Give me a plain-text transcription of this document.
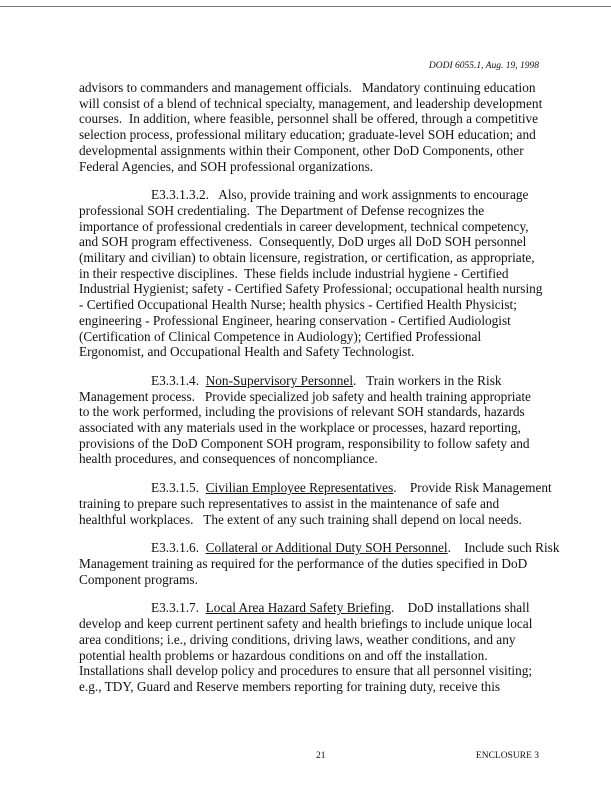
DODI 6055.1, Aug. 19, 1998
advisors to commanders and management officials.   Mandatory continuing education
will consist of a blend of technical specialty, management, and leadership development
courses.  In addition, where feasible, personnel shall be offered, through a competitive
selection process, professional military education; graduate-level SOH education; and
developmental assignments within their Component, other DoD Components, other
Federal Agencies, and SOH professional organizations.
E3.3.1.3.2. Also, provide training and work assignments to encourage
professional SOH credentialing.  The Department of Defense recognizes the
importance of professional credentials in career development, technical competency,
and SOH program effectiveness.  Consequently, DoD urges all DoD SOH personnel
(military and civilian) to obtain licensure, registration, or certification, as appropriate,
in their respective disciplines.  These fields include industrial hygiene - Certified
Industrial Hygienist; safety - Certified Safety Professional; occupational health nursing
- Certified Occupational Health Nurse; health physics - Certified Health Physicist;
engineering - Professional Engineer, hearing conservation - Certified Audiologist
(Certification of Clinical Competence in Audiology); Certified Professional
Ergonomist, and Occupational Health and Safety Technologist.
E3.3.1.4. Non-Supervisory Personnel.   Train workers in the Risk
Management process.   Provide specialized job safety and health training appropriate
to the work performed, including the provisions of relevant SOH standards, hazards
associated with any materials used in the workplace or processes, hazard reporting,
provisions of the DoD Component SOH program, responsibility to follow safety and
health procedures, and consequences of noncompliance.
E3.3.1.5. Civilian Employee Representatives.    Provide Risk Management
training to prepare such representatives to assist in the maintenance of safe and
healthful workplaces.   The extent of any such training shall depend on local needs.
E3.3.1.6. Collateral or Additional Duty SOH Personnel.    Include such Risk
Management training as required for the performance of the duties specified in DoD
Component programs.
E3.3.1.7. Local Area Hazard Safety Briefing.    DoD installations shall
develop and keep current pertinent safety and health briefings to include unique local
area conditions; i.e., driving conditions, driving laws, weather conditions, and any
potential health problems or hazardous conditions on and off the installation.
Installations shall develop policy and procedures to ensure that all personnel visiting;
e.g., TDY, Guard and Reserve members reporting for training duty, receive this
21	ENCLOSURE 3
